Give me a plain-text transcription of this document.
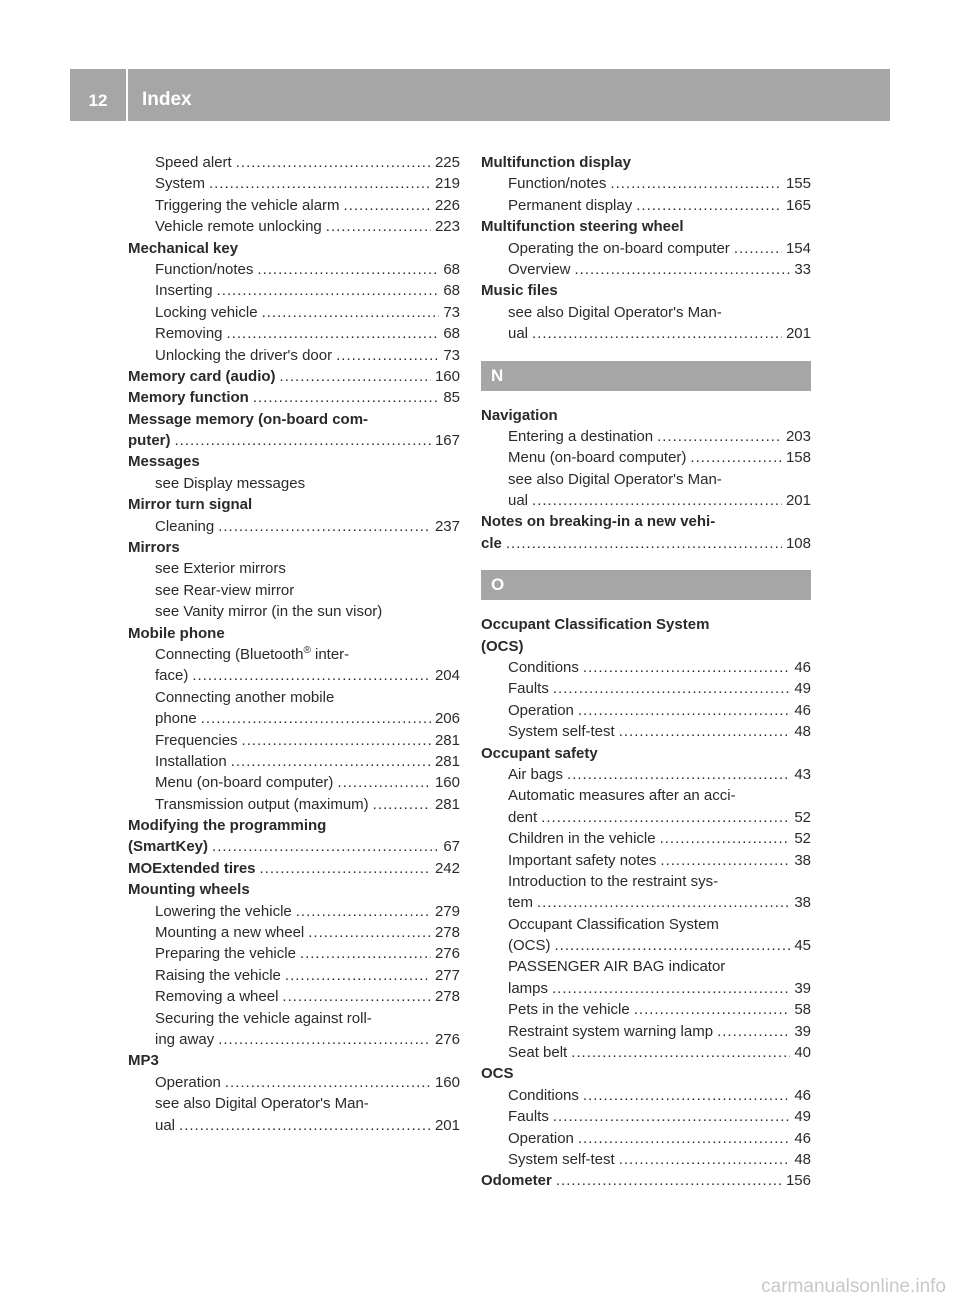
12	Index
Speed alert .....	225
System .....	219
Triggering the vehicle alarm .....	226
Vehicle remote unlocking .....	223
Mechanical key
Function/notes .....	68
Inserting .....	68
Locking vehicle .....	73
Removing .....	68
Unlocking the driver's door .....	73
Memory card (audio) .....	160
Memory function .....	85
Message memory (on-board com-
puter) .....	167
Messages
see Display messages
Mirror turn signal
Cleaning .....	237
Mirrors
see Exterior mirrors
see Rear-view mirror
see Vanity mirror (in the sun visor)
Mobile phone
Connecting (Bluetooth® inter-
face) .....	204
Connecting another mobile
phone .....	206
Frequencies .....	281
Installation .....	281
Menu (on-board computer) .....	160
Transmission output (maximum) .....	281
Modifying the programming
(SmartKey) .....	67
MOExtended tires .....	242
Mounting wheels
Lowering the vehicle .....	279
Mounting a new wheel .....	278
Preparing the vehicle .....	276
Raising the vehicle .....	277
Removing a wheel .....	278
Securing the vehicle against roll-
ing away .....	276
MP3
Operation .....	160
see also Digital Operator's Man-
ual .....	201
Multifunction display
Function/notes .....	155
Permanent display .....	165
Multifunction steering wheel
Operating the on-board computer .....	154
Overview .....	33
Music files
see also Digital Operator's Man-
ual .....	201
N
Navigation
Entering a destination .....	203
Menu (on-board computer) .....	158
see also Digital Operator's Man-
ual .....	201
Notes on breaking-in a new vehi-
cle .....	108
O
Occupant Classification System
(OCS)
Conditions .....	46
Faults .....	49
Operation .....	46
System self-test .....	48
Occupant safety
Air bags .....	43
Automatic measures after an acci-
dent .....	52
Children in the vehicle .....	52
Important safety notes .....	38
Introduction to the restraint sys-
tem .....	38
Occupant Classification System
(OCS) .....	45
PASSENGER AIR BAG indicator
lamps .....	39
Pets in the vehicle .....	58
Restraint system warning lamp .....	39
Seat belt .....	40
OCS
Conditions .....	46
Faults .....	49
Operation .....	46
System self-test .....	48
Odometer .....	156
carmanualsonline.info
